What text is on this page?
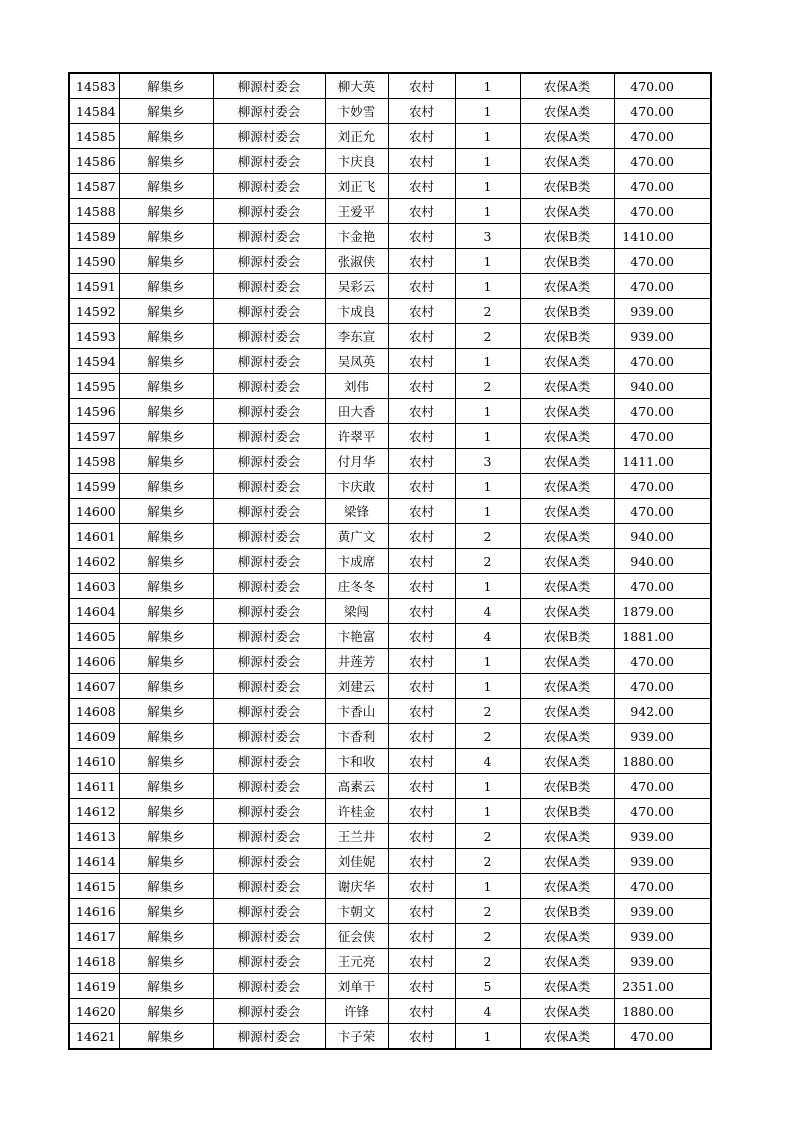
14583	解集乡	柳源村委会	柳大英	农村	1	农保A类	470.00
14584	解集乡	柳源村委会	卞妙雪	农村	1	农保A类	470.00
14585	解集乡	柳源村委会	刘正允	农村	1	农保A类	470.00
14586	解集乡	柳源村委会	卞庆良	农村	1	农保A类	470.00
14587	解集乡	柳源村委会	刘正飞	农村	1	农保B类	470.00
14588	解集乡	柳源村委会	王爱平	农村	1	农保A类	470.00
14589	解集乡	柳源村委会	卞金艳	农村	3	农保B类	1410.00
14590	解集乡	柳源村委会	张淑侠	农村	1	农保B类	470.00
14591	解集乡	柳源村委会	吴彩云	农村	1	农保A类	470.00
14592	解集乡	柳源村委会	卞成良	农村	2	农保B类	939.00
14593	解集乡	柳源村委会	李东宣	农村	2	农保B类	939.00
14594	解集乡	柳源村委会	吴凤英	农村	1	农保A类	470.00
14595	解集乡	柳源村委会	刘伟	农村	2	农保A类	940.00
14596	解集乡	柳源村委会	田大香	农村	1	农保A类	470.00
14597	解集乡	柳源村委会	许翠平	农村	1	农保A类	470.00
14598	解集乡	柳源村委会	付月华	农村	3	农保A类	1411.00
14599	解集乡	柳源村委会	卞庆敢	农村	1	农保A类	470.00
14600	解集乡	柳源村委会	梁锋	农村	1	农保A类	470.00
14601	解集乡	柳源村委会	黄广文	农村	2	农保A类	940.00
14602	解集乡	柳源村委会	卞成席	农村	2	农保A类	940.00
14603	解集乡	柳源村委会	庄冬冬	农村	1	农保A类	470.00
14604	解集乡	柳源村委会	梁闯	农村	4	农保A类	1879.00
14605	解集乡	柳源村委会	卞艳富	农村	4	农保B类	1881.00
14606	解集乡	柳源村委会	井莲芳	农村	1	农保A类	470.00
14607	解集乡	柳源村委会	刘建云	农村	1	农保A类	470.00
14608	解集乡	柳源村委会	卞香山	农村	2	农保A类	942.00
14609	解集乡	柳源村委会	卞香利	农村	2	农保A类	939.00
14610	解集乡	柳源村委会	卞和收	农村	4	农保A类	1880.00
14611	解集乡	柳源村委会	高素云	农村	1	农保B类	470.00
14612	解集乡	柳源村委会	许桂金	农村	1	农保B类	470.00
14613	解集乡	柳源村委会	王兰井	农村	2	农保A类	939.00
14614	解集乡	柳源村委会	刘佳妮	农村	2	农保A类	939.00
14615	解集乡	柳源村委会	谢庆华	农村	1	农保A类	470.00
14616	解集乡	柳源村委会	卞朝文	农村	2	农保B类	939.00
14617	解集乡	柳源村委会	征会侠	农村	2	农保A类	939.00
14618	解集乡	柳源村委会	王元亮	农村	2	农保A类	939.00
14619	解集乡	柳源村委会	刘单干	农村	5	农保A类	2351.00
14620	解集乡	柳源村委会	许锋	农村	4	农保A类	1880.00
14621	解集乡	柳源村委会	卞子荣	农村	1	农保A类	470.00
